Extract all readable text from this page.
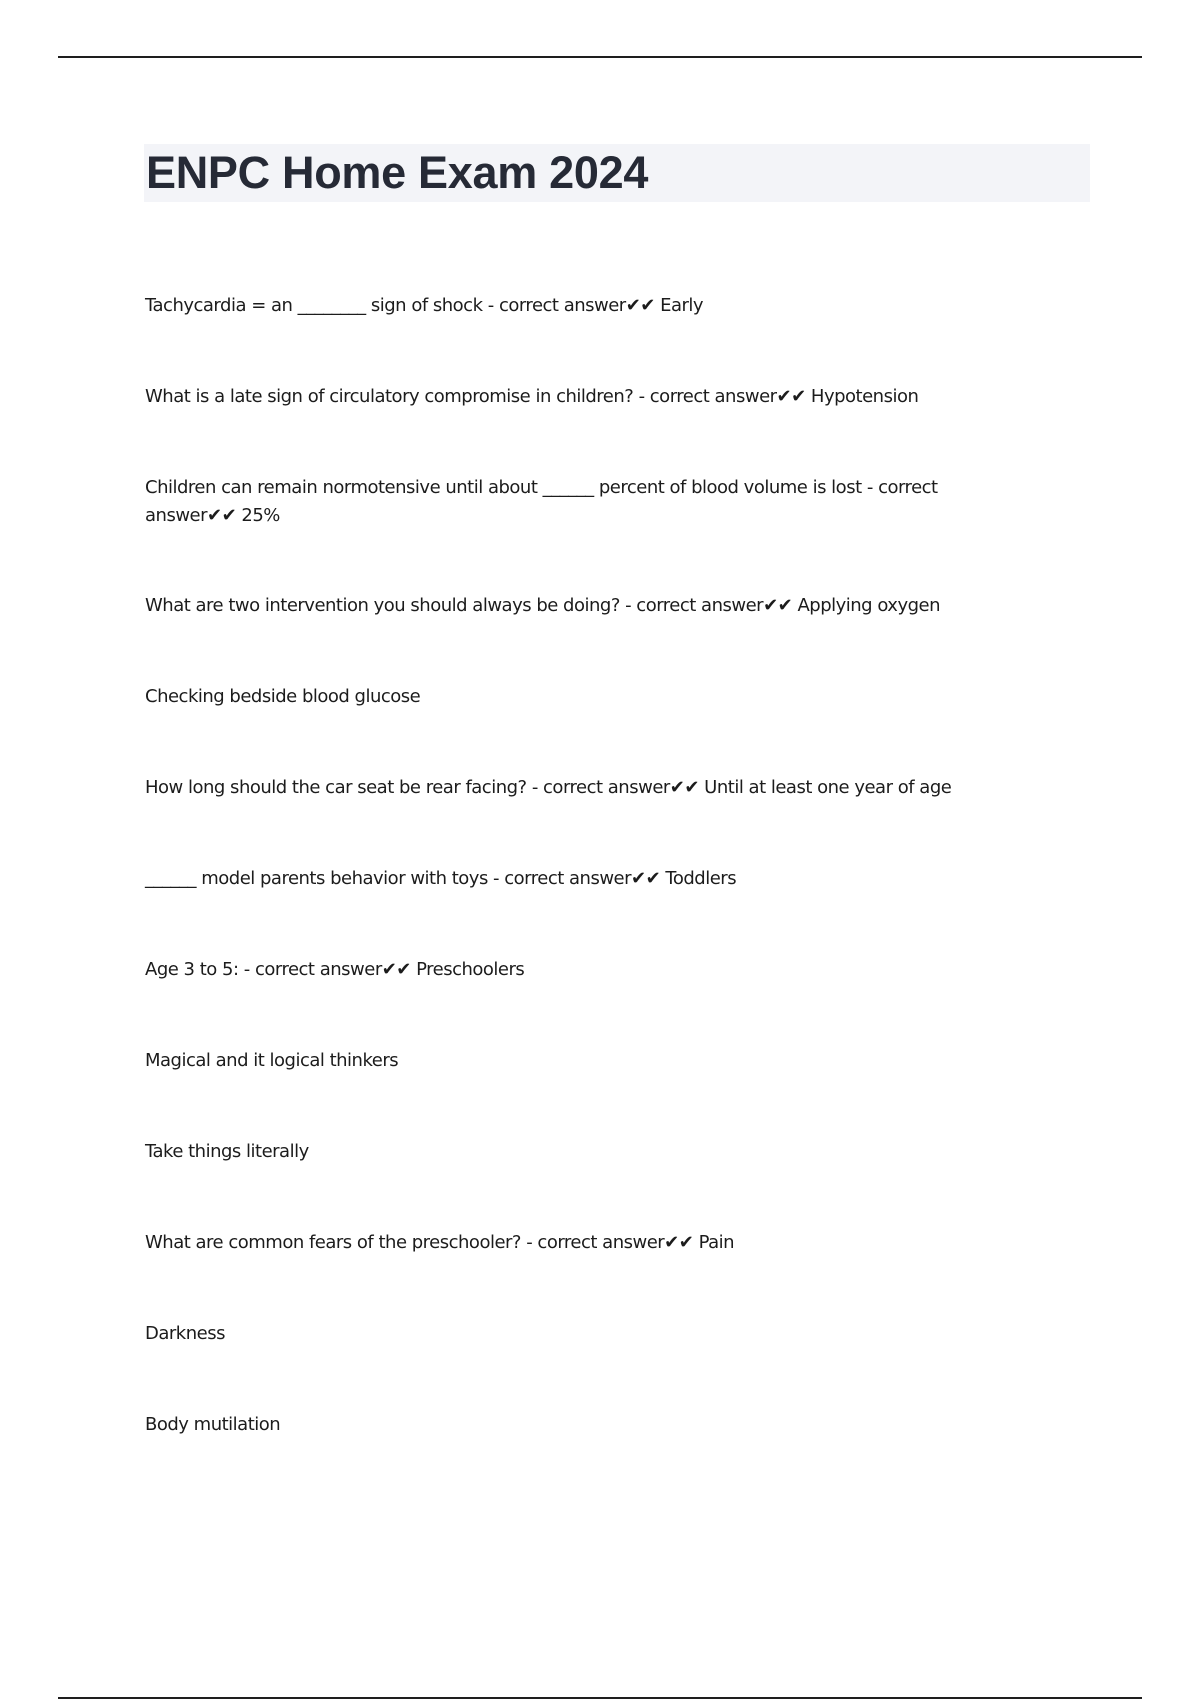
ENPC Home Exam 2024
Tachycardia = an ________ sign of shock - correct answer✔✔ Early
What is a late sign of circulatory compromise in children? - correct answer✔✔ Hypotension
Children can remain normotensive until about ______ percent of blood volume is lost - correct answer✔✔ 25%
What are two intervention you should always be doing? - correct answer✔✔ Applying oxygen
Checking bedside blood glucose
How long should the car seat be rear facing? - correct answer✔✔ Until at least one year of age
______ model parents behavior with toys - correct answer✔✔ Toddlers
Age 3 to 5: - correct answer✔✔ Preschoolers
Magical and it logical thinkers
Take things literally
What are common fears of the preschooler? - correct answer✔✔ Pain
Darkness
Body mutilation
